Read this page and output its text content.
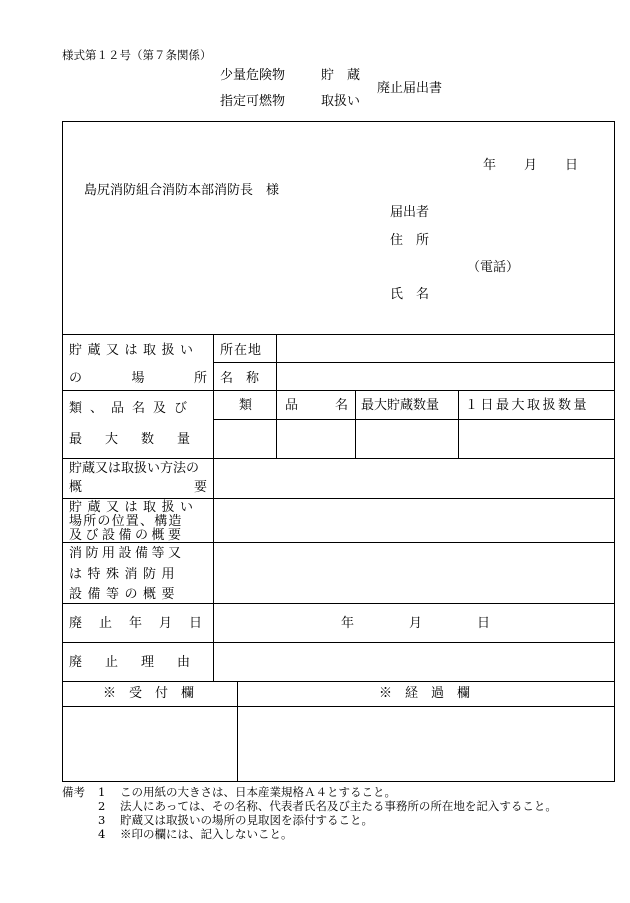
様式第１２号（第７条関係）
少量危険物	貯　蔵
指定可燃物	取扱い
廃止届出書
年 月 日
島尻消防組合消防本部消防長　様
届出者
住　所
（電話）
氏　名
貯蔵又は取扱い
の	場	所
所在地
名　称
類、品名及び
最大数量
類	品	名 最大貯蔵数量 １日最大取扱数量
貯蔵又は取扱い方法の
概	要
貯蔵又は取扱い
場所の位置、構造
及び設備の概要
消防用設備等又
は特殊消防用
設備等の概要
廃止年月日	年	月	日
廃止理由
※　受　付　欄	※　経　過　欄
備考 1 この用紙の大きさは、日本産業規格Ａ４とすること。
2 法人にあっては、その名称、代表者氏名及び主たる事務所の所在地を記入すること。
3 貯蔵又は取扱いの場所の見取図を添付すること。
4 ※印の欄には、記入しないこと。
